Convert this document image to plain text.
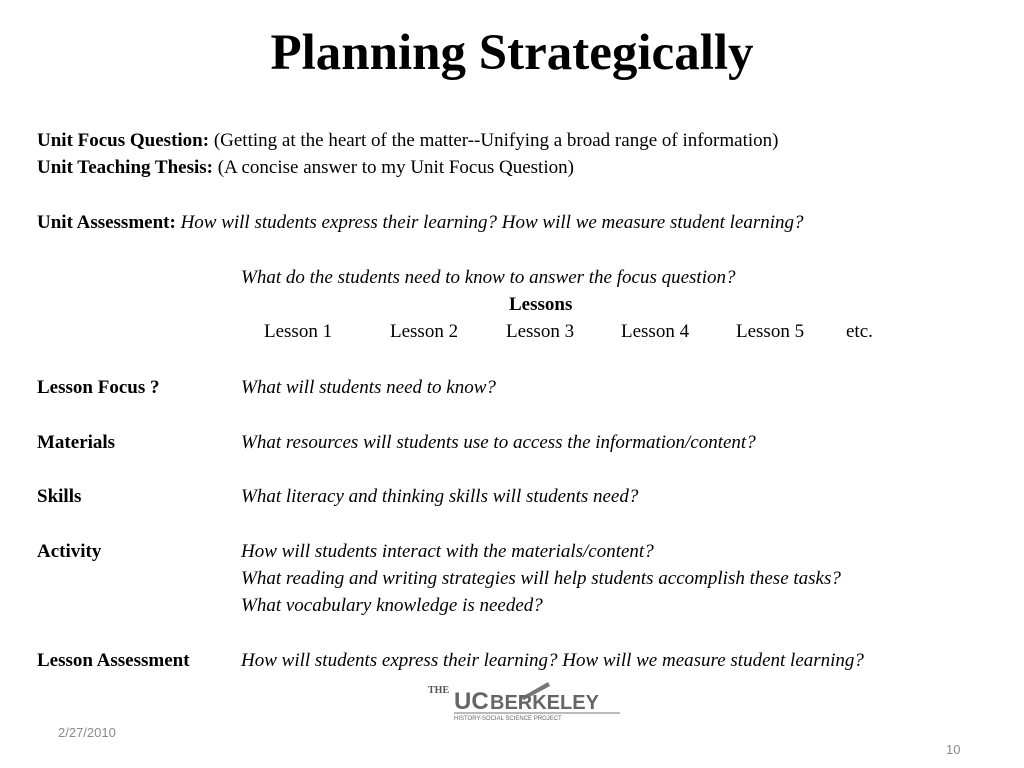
Planning Strategically
Unit Focus Question: (Getting at the heart of the matter--Unifying a broad range of information)
Unit Teaching Thesis: (A concise answer to my Unit Focus Question)
Unit Assessment: How will students express their learning? How will we measure student learning?
What do the students need to know to answer the focus question?
Lessons
Lesson 1	Lesson 2	Lesson 3 Lesson 4 Lesson 5 etc.
Lesson Focus ?	What will students need to know?
Materials	What resources will students use to access the information/content?
Skills	What literacy and thinking skills will students need?
Activity	How will students interact with the materials/content?
What reading and writing strategies will help students accomplish these tasks?
What vocabulary knowledge is needed?
Lesson Assessment	How will students express their learning? How will we measure student learning?
THE UC BERKELEY
HISTORY-SOCIAL SCIENCE PROJECT
2/27/2010
10
